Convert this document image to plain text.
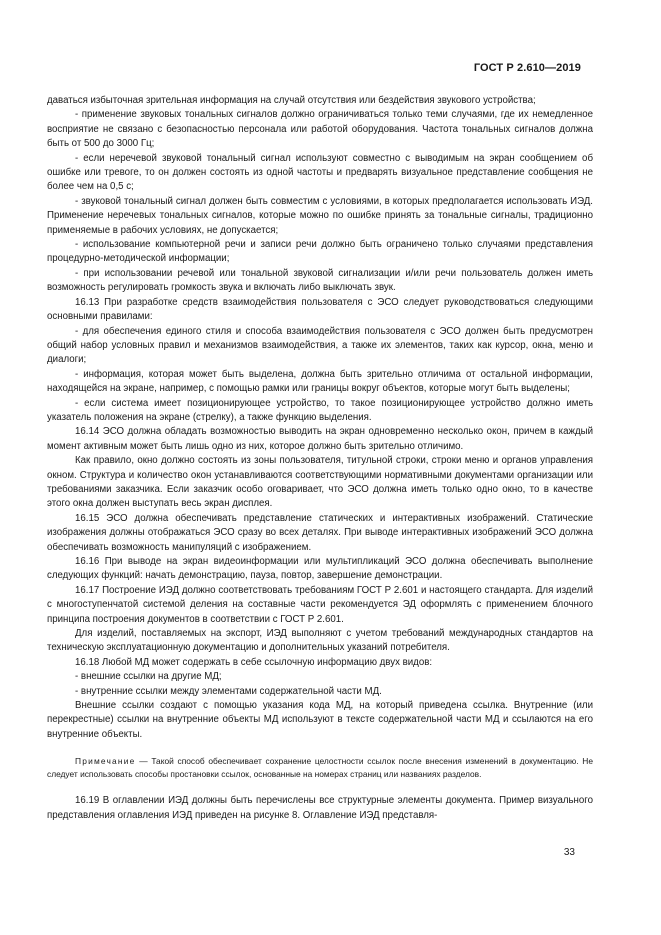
ГОСТ Р 2.610—2019

даваться избыточная зрительная информация на случай отсутствия или бездействия звукового устройства;

- применение звуковых тональных сигналов должно ограничиваться только теми случаями, где их немедленное восприятие не связано с безопасностью персонала или работой оборудования. Частота тональных сигналов должна быть от 500 до 3000 Гц;

- если неречевой звуковой тональный сигнал используют совместно с выводимым на экран сообщением об ошибке или тревоге, то он должен состоять из одной частоты и предварять визуальное представление сообщения не более чем на 0,5 с;

- звуковой тональный сигнал должен быть совместим с условиями, в которых предполагается использовать ИЭД. Применение неречевых тональных сигналов, которые можно по ошибке принять за тональные сигналы, традиционно применяемые в рабочих условиях, не допускается;

- использование компьютерной речи и записи речи должно быть ограничено только случаями представления процедурно-методической информации;

- при использовании речевой или тональной звуковой сигнализации и/или речи пользователь должен иметь возможность регулировать громкость звука и включать либо выключать звук.

16.13 При разработке средств взаимодействия пользователя с ЭСО следует руководствоваться следующими основными правилами:

- для обеспечения единого стиля и способа взаимодействия пользователя с ЭСО должен быть предусмотрен общий набор условных правил и механизмов взаимодействия, а также их элементов, таких как курсор, окна, меню и диалоги;

- информация, которая может быть выделена, должна быть зрительно отличима от остальной информации, находящейся на экране, например, с помощью рамки или границы вокруг объектов, которые могут быть выделены;

- если система имеет позиционирующее устройство, то такое позиционирующее устройство должно иметь указатель положения на экране (стрелку), а также функцию выделения.

16.14 ЭСО должна обладать возможностью выводить на экран одновременно несколько окон, причем в каждый момент активным может быть лишь одно из них, которое должно быть зрительно отличимо.

Как правило, окно должно состоять из зоны пользователя, титульной строки, строки меню и органов управления окном. Структура и количество окон устанавливаются соответствующими нормативными документами организации или требованиями заказчика. Если заказчик особо оговаривает, что ЭСО должна иметь только одно окно, то в качестве этого окна должен выступать весь экран дисплея.

16.15 ЭСО должна обеспечивать представление статических и интерактивных изображений. Статические изображения должны отображаться ЭСО сразу во всех деталях. При выводе интерактивных изображений ЭСО должна обеспечивать возможность манипуляций с изображением.

16.16 При выводе на экран видеоинформации или мультипликаций ЭСО должна обеспечивать выполнение следующих функций: начать демонстрацию, пауза, повтор, завершение демонстрации.

16.17 Построение ИЭД должно соответствовать требованиям ГОСТ Р 2.601 и настоящего стандарта. Для изделий с многоступенчатой системой деления на составные части рекомендуется ЭД оформлять с применением блочного принципа построения документов в соответствии с ГОСТ Р 2.601.

Для изделий, поставляемых на экспорт, ИЭД выполняют с учетом требований международных стандартов на техническую эксплуатационную документацию и дополнительных указаний потребителя.

16.18 Любой МД может содержать в себе ссылочную информацию двух видов:

- внешние ссылки на другие МД;

- внутренние ссылки между элементами содержательной части МД.

Внешние ссылки создают с помощью указания кода МД, на который приведена ссылка. Внутренние (или перекрестные) ссылки на внутренние объекты МД используют в тексте содержательной части МД и ссылаются на его внутренние объекты.

Примечание — Такой способ обеспечивает сохранение целостности ссылок после внесения изменений в документацию. Не следует использовать способы простановки ссылок, основанные на номерах страниц или названиях разделов.

16.19 В оглавлении ИЭД должны быть перечислены все структурные элементы документа. Пример визуального представления оглавления ИЭД приведен на рисунке 8. Оглавление ИЭД представля-

33
